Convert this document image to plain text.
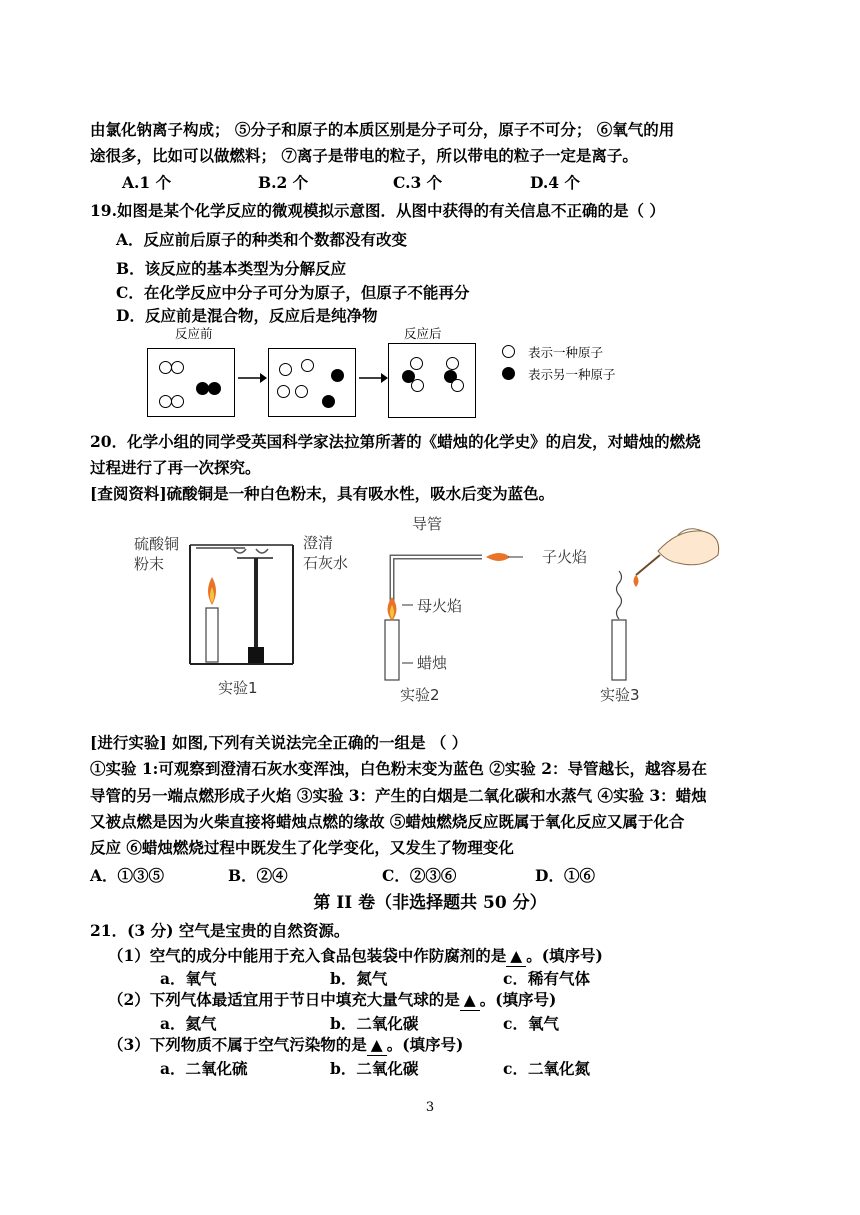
由氯化钠离子构成； ⑤分子和原子的本质区别是分子可分，原子不可分； ⑥氧气的用
途很多，比如可以做燃料； ⑦离子是带电的粒子，所以带电的粒子一定是离子。
A.1 个	B.2 个	C.3 个	D.4 个
19.如图是某个化学反应的微观模拟示意图．从图中获得的有关信息不正确的是（ ）
A．反应前后原子的种类和个数都没有改变
B．该反应的基本类型为分解反应
C．在化学反应中分子可分为原子，但原子不能再分
D．反应前是混合物，反应后是纯净物
反应前	反应后
表示一种原子
表示另一种原子
20．化学小组的同学受英国科学家法拉第所著的《蜡烛的化学史》的启发，对蜡烛的燃烧
过程进行了再一次探究。
[查阅资料]硫酸铜是一种白色粉末，具有吸水性，吸水后变为蓝色。
硫酸铜
粉末
澄清
石灰水
实验1
导管
子火焰
母火焰
蜡烛
实验2	实验3
[进行实验] 如图,下列有关说法完全正确的一组是 （ ）
①实验 1:可观察到澄清石灰水变浑浊，白色粉末变为蓝色 ②实验 2：导管越长，越容易在
导管的另一端点燃形成子火焰 ③实验 3：产生的白烟是二氧化碳和水蒸气 ④实验 3：蜡烛
又被点燃是因为火柴直接将蜡烛点燃的缘故 ⑤蜡烛燃烧反应既属于氧化反应又属于化合
反应 ⑥蜡烛燃烧过程中既发生了化学变化，又发生了物理变化
A．①③⑤	B．②④	C．②③⑥	D．①⑥
第 II 卷（非选择题共 50 分）
21．(3 分) 空气是宝贵的自然资源。
（1）空气的成分中能用于充入食品包装袋中作防腐剂的是 ▲ 。(填序号)
a．氧气	b．氮气	c．稀有气体
（2）下列气体最适宜用于节日中填充大量气球的是 ▲ 。(填序号)
a．氦气	b．二氧化碳	c．氧气
（3）下列物质不属于空气污染物的是 ▲ 。(填序号)
a．二氧化硫	b．二氧化碳	c．二氧化氮
3
